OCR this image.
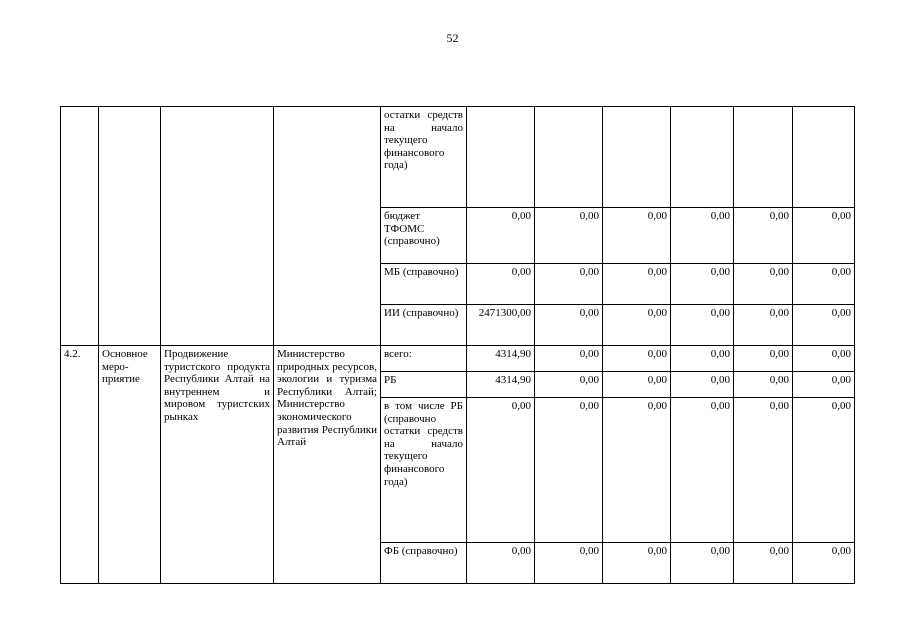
52
				остатки средств на начало текущего финансового года)						
				бюджет ТФОМС (справочно)	0,00	0,00	0,00	0,00	0,00	0,00
				МБ (справочно)	0,00	0,00	0,00	0,00	0,00	0,00
				ИИ (справочно)	2471300,00	0,00	0,00	0,00	0,00	0,00
4.2.	Основное меро-приятие	Продвижение туристского продукта Республики Алтай на внутреннем и мировом туристских рынках	Министерство природных ресурсов, экологии и туризма Республики Алтай; Министерство экономического развития Республики Алтай	всего:	4314,90	0,00	0,00	0,00	0,00	0,00
				РБ	4314,90	0,00	0,00	0,00	0,00	0,00
				в том числе РБ (справочно остатки средств на начало текущего финансового года)	0,00	0,00	0,00	0,00	0,00	0,00
				ФБ (справочно)	0,00	0,00	0,00	0,00	0,00	0,00
